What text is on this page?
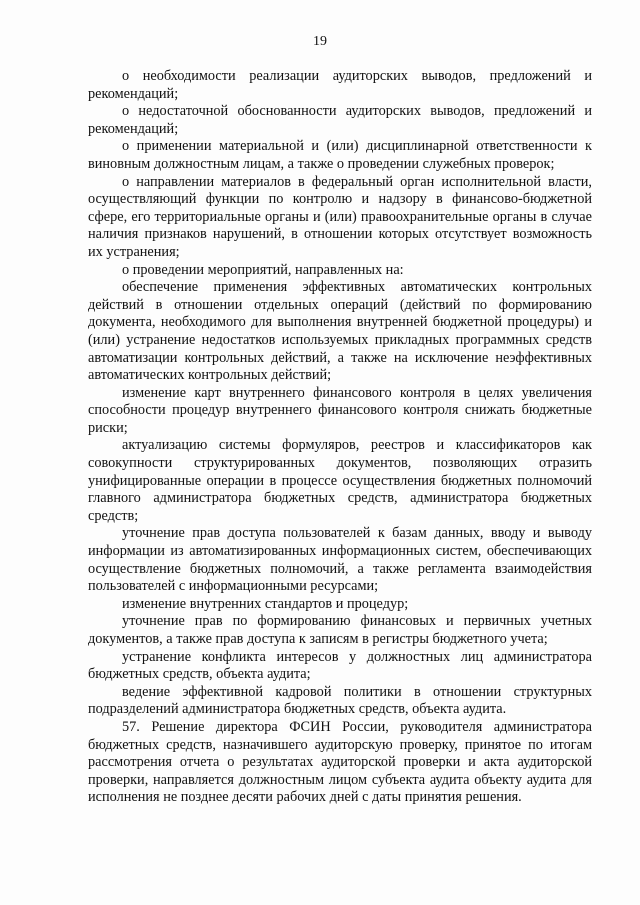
19

о необходимости реализации аудиторских выводов, предложений и рекомендаций;

о недостаточной обоснованности аудиторских выводов, предложений и рекомендаций;

о применении материальной и (или) дисциплинарной ответственности к виновным должностным лицам, а также о проведении служебных проверок;

о направлении материалов в федеральный орган исполнительной власти, осуществляющий функции по контролю и надзору в финансово-бюджетной сфере, его территориальные органы и (или) правоохранительные органы в случае наличия признаков нарушений, в отношении которых отсутствует возможность их устранения;

о проведении мероприятий, направленных на:

обеспечение применения эффективных автоматических контрольных действий в отношении отдельных операций (действий по формированию документа, необходимого для выполнения внутренней бюджетной процедуры) и (или) устранение недостатков используемых прикладных программных средств автоматизации контрольных действий, а также на исключение неэффективных автоматических контрольных действий;

изменение карт внутреннего финансового контроля в целях увеличения способности процедур внутреннего финансового контроля снижать бюджетные риски;

актуализацию системы формуляров, реестров и классификаторов как совокупности структурированных документов, позволяющих отразить унифицированные операции в процессе осуществления бюджетных полномочий главного администратора бюджетных средств, администратора бюджетных средств;

уточнение прав доступа пользователей к базам данных, вводу и выводу информации из автоматизированных информационных систем, обеспечивающих осуществление бюджетных полномочий, а также регламента взаимодействия пользователей с информационными ресурсами;

изменение внутренних стандартов и процедур;

уточнение прав по формированию финансовых и первичных учетных документов, а также прав доступа к записям в регистры бюджетного учета;

устранение конфликта интересов у должностных лиц администратора бюджетных средств, объекта аудита;

ведение эффективной кадровой политики в отношении структурных подразделений администратора бюджетных средств, объекта аудита.

57. Решение директора ФСИН России, руководителя администратора бюджетных средств, назначившего аудиторскую проверку, принятое по итогам рассмотрения отчета о результатах аудиторской проверки и акта аудиторской проверки, направляется должностным лицом субъекта аудита объекту аудита для исполнения не позднее десяти рабочих дней с даты принятия решения.
